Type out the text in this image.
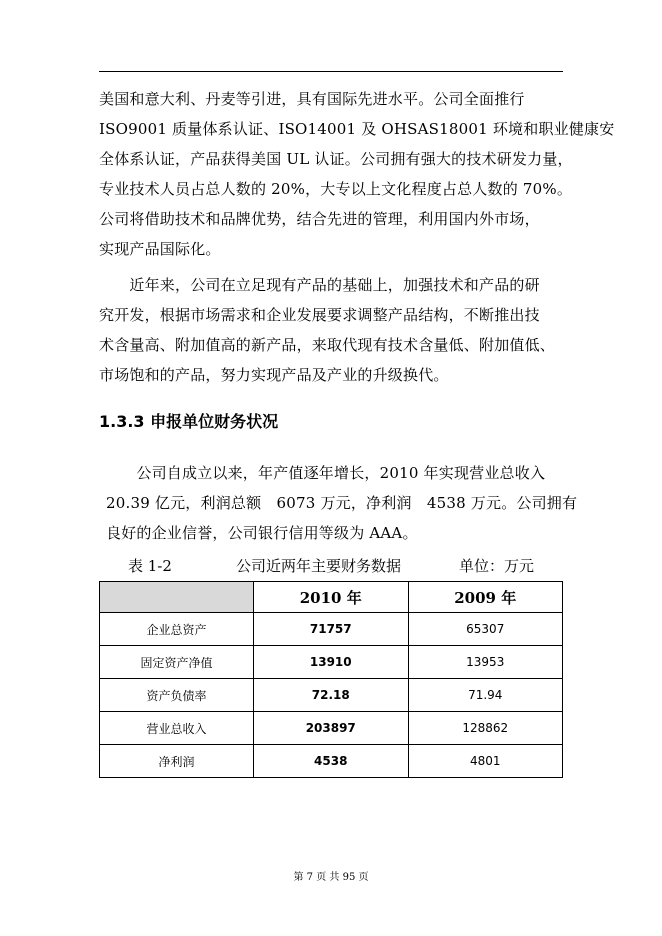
美国和意大利、丹麦等引进，具有国际先进水平。公司全面推行
ISO9001 质量体系认证、ISO14001 及 OHSAS18001 环境和职业健康安
全体系认证，产品获得美国 UL 认证。公司拥有强大的技术研发力量，
专业技术人员占总人数的 20%，大专以上文化程度占总人数的 70%。
公司将借助技术和品牌优势，结合先进的管理，利用国内外市场，
实现产品国际化。
　　近年来，公司在立足现有产品的基础上，加强技术和产品的研
究开发，根据市场需求和企业发展要求调整产品结构，不断推出技
术含量高、附加值高的新产品，来取代现有技术含量低、附加值低、
市场饱和的产品，努力实现产品及产业的升级换代。
1.3.3 申报单位财务状况
　　公司自成立以来，年产值逐年增长，2010 年实现营业总收入
20.39 亿元，利润总额　6073 万元，净利润　4538 万元。公司拥有
良好的企业信誉，公司银行信用等级为 AAA。

表 1-2	公司近两年主要财务数据	单位：万元

	2010 年	2009 年
企业总资产	71757	65307
固定资产净值	13910	13953
资产负债率	72.18	71.94
营业总收入	203897	128862
净利润	4538	4801
第 7 页 共 95 页
